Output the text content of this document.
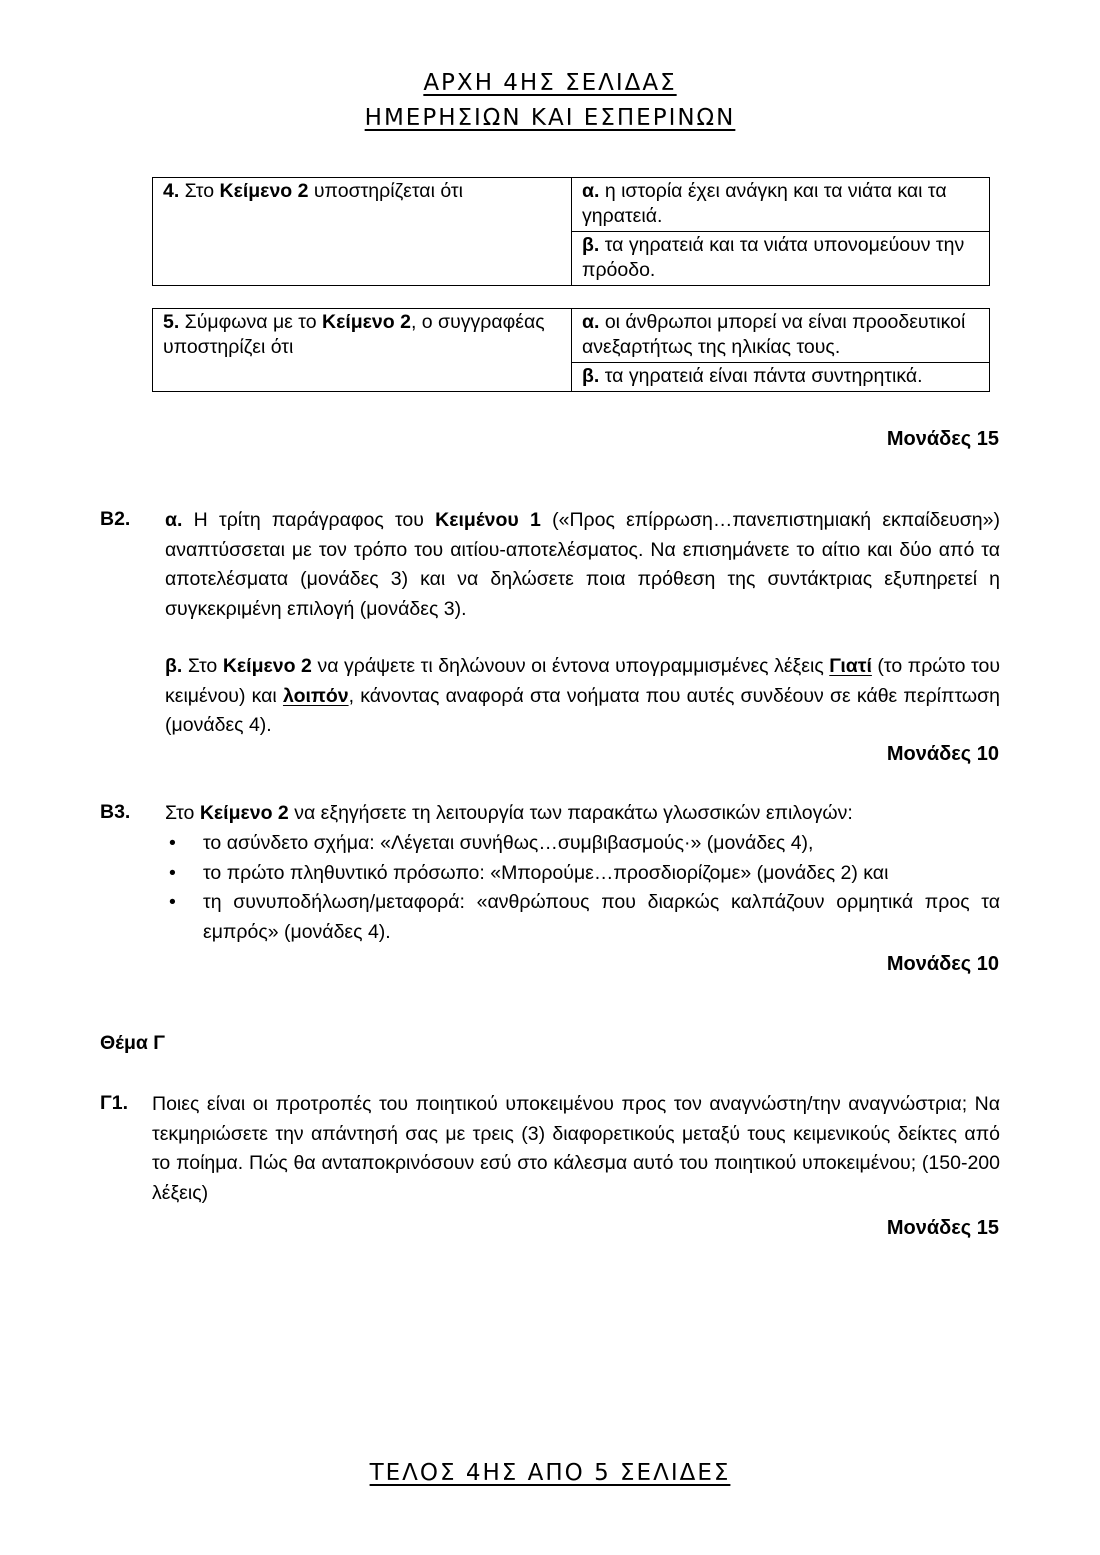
ΑΡΧΗ 4ΗΣ ΣΕΛΙΔΑΣ
ΗΜΕΡΗΣΙΩΝ ΚΑΙ ΕΣΠΕΡΙΝΩΝ
4. Στο Κείμενο 2 υποστηρίζεται ότι	α. η ιστορία έχει ανάγκη και τα νιάτα και τα γηρατειά.
β. τα γηρατειά και τα νιάτα υπονομεύουν την πρόοδο.
5. Σύμφωνα με το Κείμενο 2, ο συγγραφέας υποστηρίζει ότι	α. οι άνθρωποι μπορεί να είναι προοδευτικοί ανεξαρτήτως της ηλικίας τους.
β. τα γηρατειά είναι πάντα συντηρητικά.
Μονάδες 15
Β2. α. Η τρίτη παράγραφος του Κειμένου 1 («Προς επίρρωση…πανεπιστημιακή εκπαίδευση») αναπτύσσεται με τον τρόπο του αιτίου-αποτελέσματος. Να επισημάνετε το αίτιο και δύο από τα αποτελέσματα (μονάδες 3) και να δηλώσετε ποια πρόθεση της συντάκτριας εξυπηρετεί η συγκεκριμένη επιλογή (μονάδες 3).
β. Στο Κείμενο 2 να γράψετε τι δηλώνουν οι έντονα υπογραμμισμένες λέξεις Γιατί (το πρώτο του κειμένου) και λοιπόν, κάνοντας αναφορά στα νοήματα που αυτές συνδέουν σε κάθε περίπτωση (μονάδες 4).
Μονάδες 10
Β3. Στο Κείμενο 2 να εξηγήσετε τη λειτουργία των παρακάτω γλωσσικών επιλογών:
• το ασύνδετο σχήμα: «Λέγεται συνήθως…συμβιβασμούς·» (μονάδες 4),
• το πρώτο πληθυντικό πρόσωπο: «Μπορούμε…προσδιορίζομε» (μονάδες 2) και
• τη συνυποδήλωση/μεταφορά: «ανθρώπους που διαρκώς καλπάζουν ορμητικά προς τα εμπρός» (μονάδες 4).
Μονάδες 10
Θέμα Γ
Γ1. Ποιες είναι οι προτροπές του ποιητικού υποκειμένου προς τον αναγνώστη/την αναγνώστρια; Να τεκμηριώσετε την απάντησή σας με τρεις (3) διαφορετικούς μεταξύ τους κειμενικούς δείκτες από το ποίημα. Πώς θα ανταποκρινόσουν εσύ στο κάλεσμα αυτό του ποιητικού υποκειμένου; (150-200 λέξεις)
Μονάδες 15
ΤΕΛΟΣ 4ΗΣ ΑΠΟ 5 ΣΕΛΙΔΕΣ
